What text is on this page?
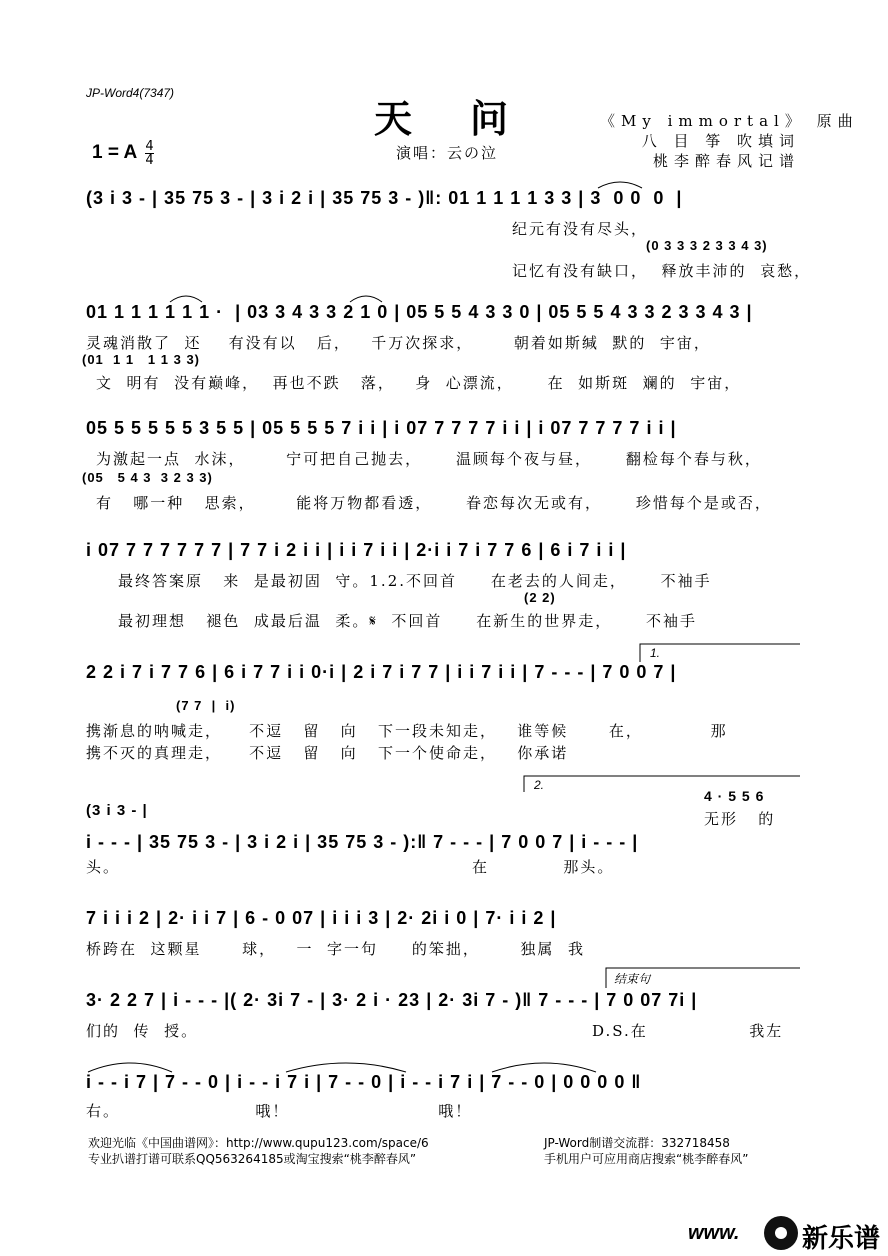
JP-Word4(7347)
天问
1 = A $\frac{4}{4}$	演唱：云の泣
《My immortal》 原曲
八 目 筝 吹填词
桃李醉春风记谱
(3 i 3 - | 35 75 3 - | 3 i 2 i | 35 75 3 - )‖: 01 1 1 1 1 3 3 | 3  0 0  0  |
纪元有没有尽头，
(0 3 3 3 2 3 3 4 3)
记忆有没有缺口，  释放丰沛的  哀愁，
01 1 1 1 1 1 1 ·  | 03 3 4 3 3 2 1 0 | 05 5 5 4 3 3 0 | 05 5 5 4 3 3 2 3 3 4 3 |
灵魂消散了  还    有没有以   后，   千万次探求，      朝着如斯缄  默的  宇宙，
(01  1 1   1 1 3 3)
文  明有  没有巅峰，  再也不跌   落，   身  心漂流，     在  如斯斑  斓的  宇宙，
05 5 5 5 5 5 3 5 5 | 05 5 5 5 7 i i | i 07 7 7 7 7 i i | i 07 7 7 7 7 i i |
为激起一点  水沫，      宁可把自己抛去，     温顾每个夜与昼，     翻检每个春与秋，
(05   5 4 3  3 2 3 3)
有   哪一种   思索，      能将万物都看透，     眷恋每次无或有，     珍惜每个是或否，
i 07 7 7 7 7 7 7 | 7 7 i 2 i i | i i 7 i i | 2·i i 7 i 7 7 6 | 6 i 7 i i |
最终答案原   来  是最初固  守。1.2.不回首     在老去的人间走，     不袖手
(2 2)
最初理想   褪色  成最后温  柔。𝄋  不回首     在新生的世界走，     不袖手
2 2 i 7 i 7 7 6 | 6 i 7 7 i i 0·i | 2 i 7 i 7 7 | i i 7 i i | 7 - - - | 7 0 0 7 |
(7 7  |  i)
携渐息的呐喊走，    不逗   留   向   下一段未知走，   谁等候      在，          那
携不灭的真理走，    不逗   留   向   下一个使命走，   你承诺
(3 i 3 - |
4 · 5 5 6
无形   的
i - - - | 35 75 3 - | 3 i 2 i | 35 75 3 - ):‖ 7 - - - | 7 0 0 7 | i - - - |
头。                                                    在           那头。
7 i i i 2 | 2· i i 7 | 6 - 0 07 | i i i 3 | 2· 2i i 0 | 7· i i 2 |
桥跨在  这颗星      球，   一  字一句     的笨拙，      独属  我
3· 2 2 7 | i - - - |( 2· 3i 7 - | 3· 2 i · 23 | 2· 3i 7 - )‖ 7 - - - | 7 0 07 7i |
们的  传  授。	D.S.在               我左
i - - i 7 | 7 - - 0 | i - - i 7 i | 7 - - 0 | i - - i 7 i | 7 - - 0 | 0 0 0 0 ‖
右。                    哦！                      哦！
1.
2.
结束句
欢迎光临《中国曲谱网》：http://www.qupu123.com/space/6
专业扒谱打谱可联系QQ563264185或淘宝搜索“桃李醉春风”
JP-Word制谱交流群：332718458
手机用户可应用商店搜索“桃李醉春风”
www. 新乐谱
